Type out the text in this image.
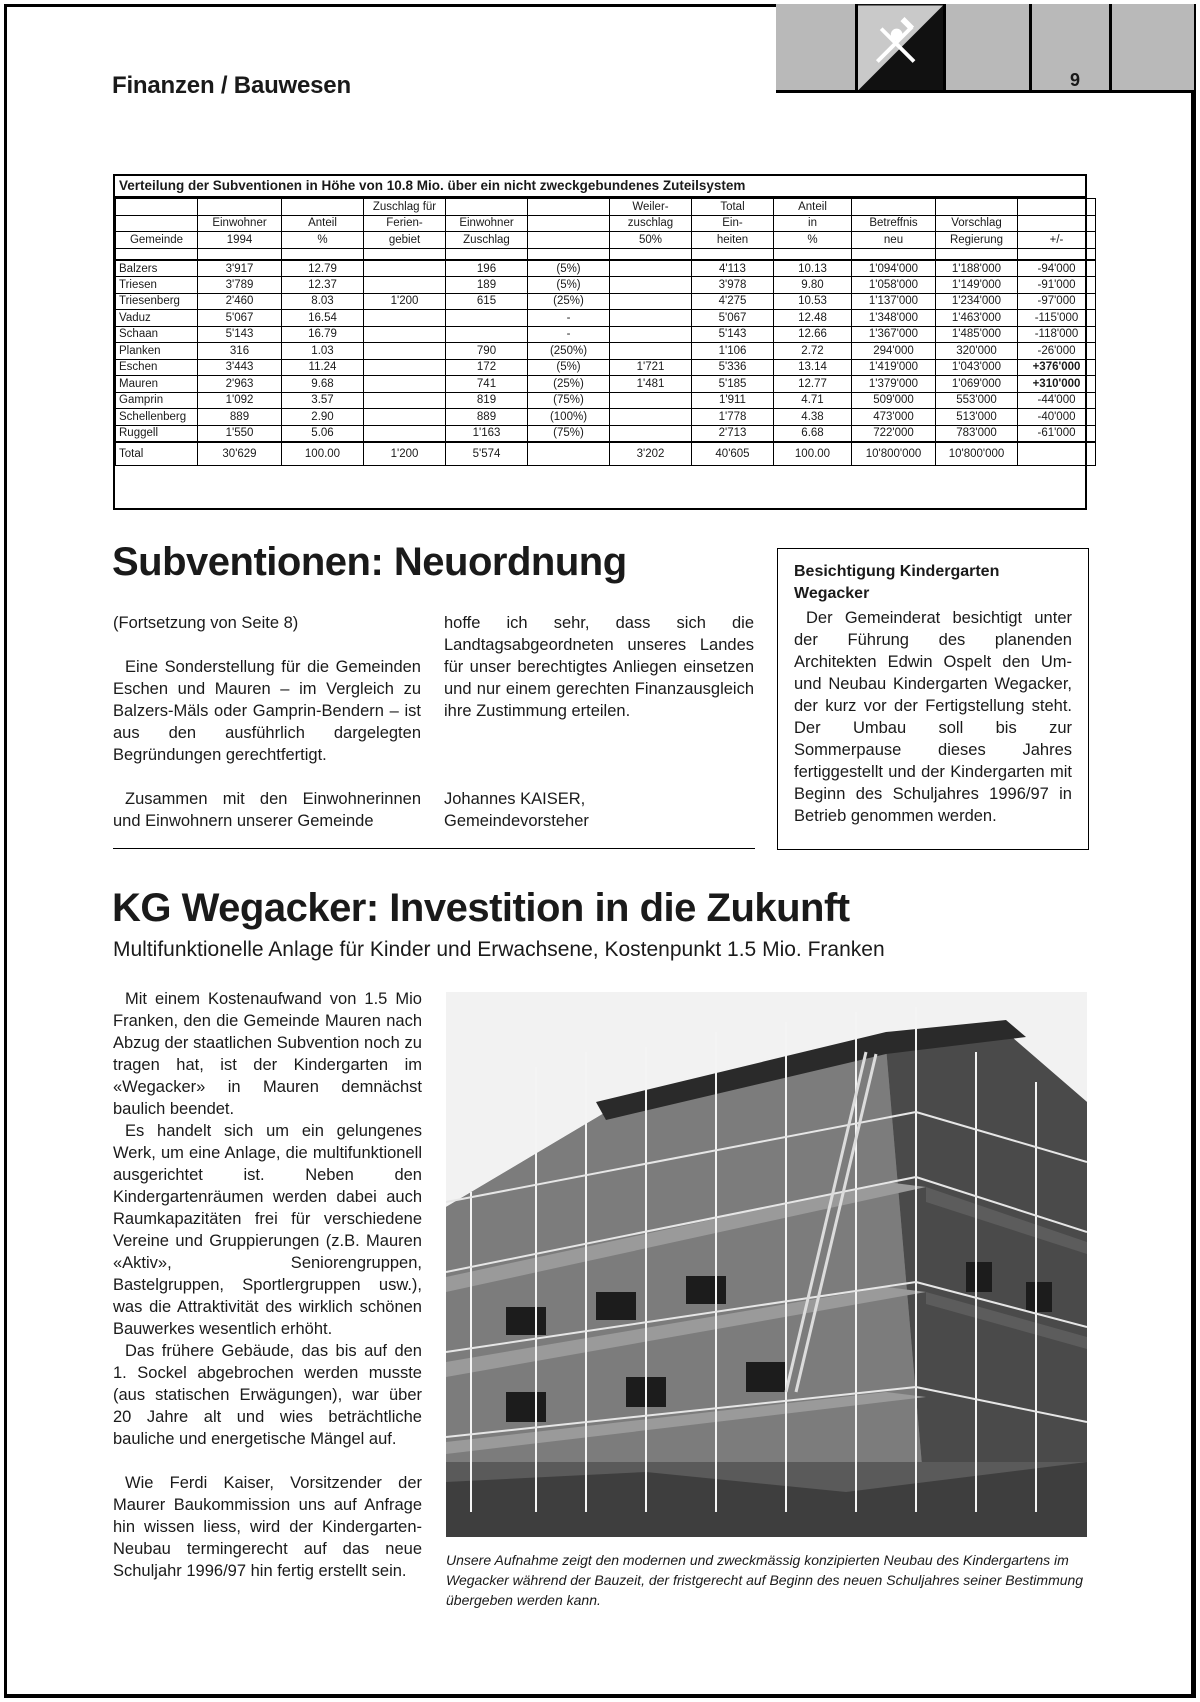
Finanzen / Bauwesen	9
Verteilung der Subventionen in Höhe von 10.8 Mio. über ein nicht zweckgebundenes Zuteilsystem
			Zuschlag für			Weiler-	Total	Anteil			
	Einwohner	Anteil	Ferien-	Einwohner		zuschlag	Ein-	in	Betreffnis	Vorschlag	
Gemeinde	1994	%	gebiet	Zuschlag		50%	heiten	%	neu	Regierung	+/-

Balzers	3'917	12.79		196	(5%)		4'113	10.13	1'094'000	1'188'000	-94'000
Triesen	3'789	12.37		189	(5%)		3'978	9.80	1'058'000	1'149'000	-91'000
Triesenberg	2'460	8.03	1'200	615	(25%)		4'275	10.53	1'137'000	1'234'000	-97'000
Vaduz	5'067	16.54			-		5'067	12.48	1'348'000	1'463'000	-115'000
Schaan	5'143	16.79			-		5'143	12.66	1'367'000	1'485'000	-118'000
Planken	316	1.03		790	(250%)		1'106	2.72	294'000	320'000	-26'000
Eschen	3'443	11.24		172	(5%)	1'721	5'336	13.14	1'419'000	1'043'000	+376'000
Mauren	2'963	9.68		741	(25%)	1'481	5'185	12.77	1'379'000	1'069'000	+310'000
Gamprin	1'092	3.57		819	(75%)		1'911	4.71	509'000	553'000	-44'000
Schellenberg	889	2.90		889	(100%)		1'778	4.38	473'000	513'000	-40'000
Ruggell	1'550	5.06		1'163	(75%)		2'713	6.68	722'000	783'000	-61'000
Total	30'629	100.00	1'200	5'574		3'202	40'605	100.00	10'800'000	10'800'000	
Subventionen: Neuordnung

(Fortsetzung von Seite 8)

Eine Sonderstellung für die Gemeinden Eschen und Mauren – im Vergleich zu Balzers-Mäls oder Gamprin-Bendern – ist aus den ausführlich dargelegten Begründungen gerechtfertigt.

Zusammen mit den Einwohnerinnen und Einwohnern unserer Gemeinde

hoffe ich sehr, dass sich die Landtagsabgeordneten unseres Landes für unser berechtigtes Anliegen einsetzen und nur einem gerechten Finanzausgleich ihre Zustimmung erteilen.

Johannes KAISER,
Gemeindevorsteher
Besichtigung Kindergarten Wegacker

Der Gemeinderat besichtigt unter der Führung des planenden Architekten Edwin Ospelt den Um- und Neubau Kindergarten Wegacker, der kurz vor der Fertigstellung steht. Der Umbau soll bis zur Sommerpause dieses Jahres fertiggestellt und der Kindergarten mit Beginn des Schuljahres 1996/97 in Betrieb genommen werden.

KG Wegacker: Investition in die Zukunft
Multifunktionelle Anlage für Kinder und Erwachsene, Kostenpunkt 1.5 Mio. Franken

Mit einem Kostenaufwand von 1.5 Mio Franken, den die Gemeinde Mauren nach Abzug der staatlichen Subvention noch zu tragen hat, ist der Kindergarten im «Wegacker» in Mauren demnächst baulich beendet.

Es handelt sich um ein gelungenes Werk, um eine Anlage, die multifunktionell ausgerichtet ist. Neben den Kindergartenräumen werden dabei auch Raumkapazitäten frei für verschiedene Vereine und Gruppierungen (z.B. Mauren «Aktiv», Seniorengruppen, Bastelgruppen, Sportlergruppen usw.), was die Attraktivität des wirklich schönen Bauwerkes wesentlich erhöht.

Das frühere Gebäude, das bis auf den 1. Sockel abgebrochen werden musste (aus statischen Erwägungen), war über 20 Jahre alt und wies beträchtliche bauliche und energetische Mängel auf.

Wie Ferdi Kaiser, Vorsitzender der Maurer Baukommission uns auf Anfrage hin wissen liess, wird der Kindergarten-Neubau termingerecht auf das neue Schuljahr 1996/97 hin fertig erstellt sein.

Unsere Aufnahme zeigt den modernen und zweckmässig konzipierten Neubau des Kindergartens im Wegacker während der Bauzeit, der fristgerecht auf Beginn des neuen Schuljahres seiner Bestimmung übergeben werden kann.
